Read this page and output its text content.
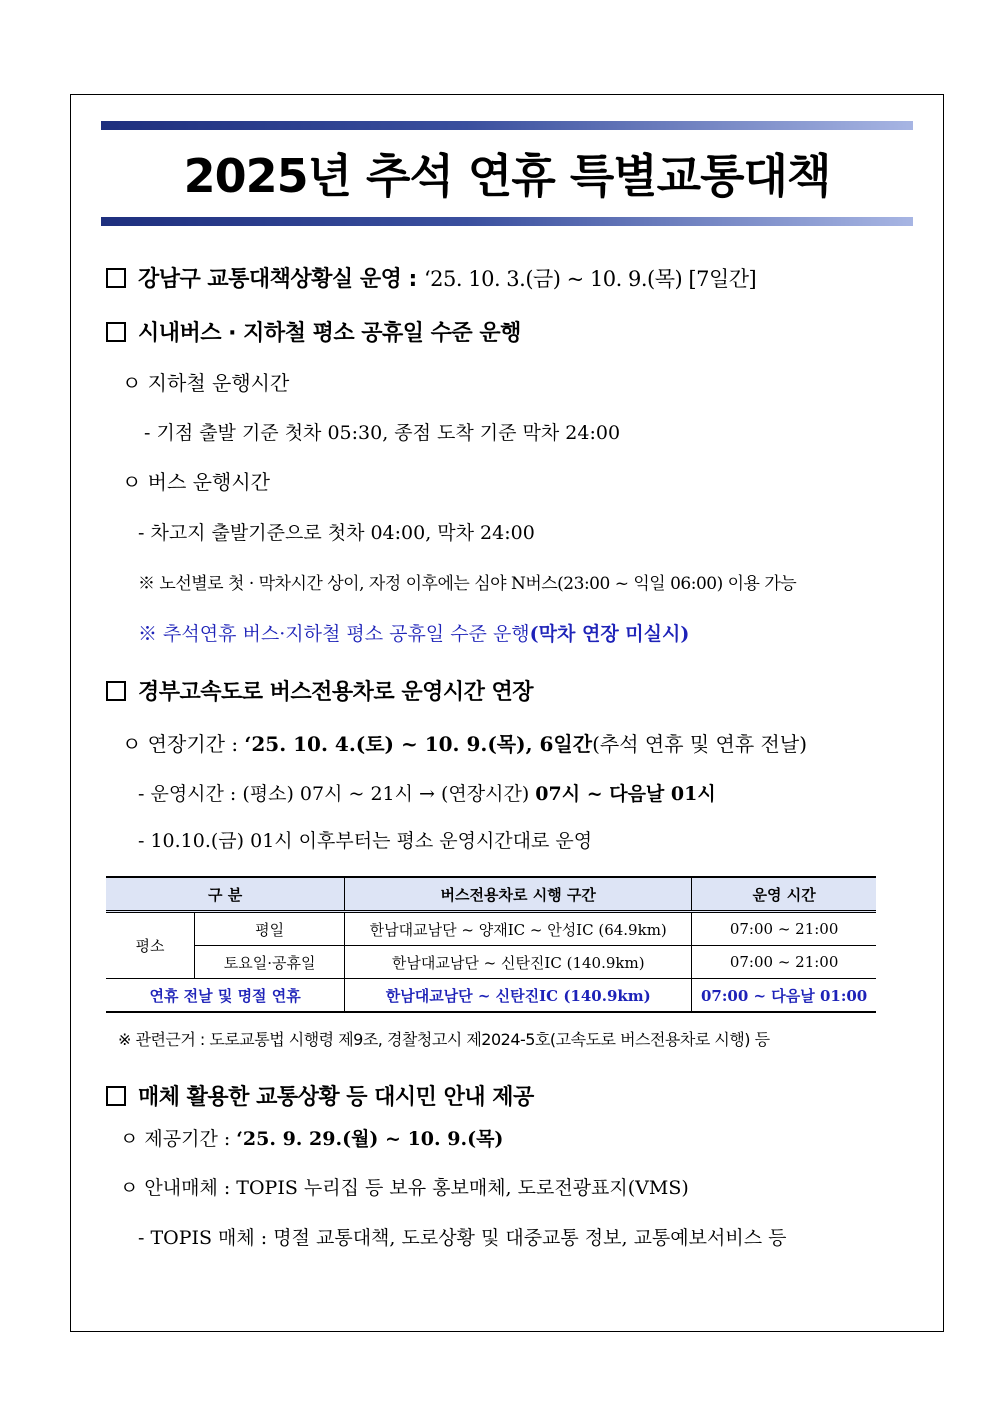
2025년 추석 연휴 특별교통대책
강남구 교통대책상황실 운영 : ‘25. 10. 3.(금) ~ 10. 9.(목) [7일간]
시내버스 · 지하철 평소 공휴일 수준 운행
ㅇ 지하철 운행시간
- 기점 출발 기준 첫차 05:30, 종점 도착 기준 막차 24:00
ㅇ 버스 운행시간
- 차고지 출발기준으로 첫차 04:00, 막차 24:00
※ 노선별로 첫 · 막차시간 상이, 자정 이후에는 심야 N버스(23:00 ~ 익일 06:00) 이용 가능
※ 추석연휴 버스·지하철 평소 공휴일 수준 운행(막차 연장 미실시)
경부고속도로 버스전용차로 운영시간 연장
ㅇ 연장기간 : ‘25. 10. 4.(토) ~ 10. 9.(목), 6일간(추석 연휴 및 연휴 전날)
- 운영시간 : (평소) 07시 ~ 21시 → (연장시간) 07시 ~ 다음날 01시
- 10.10.(금) 01시 이후부터는 평소 운영시간대로 운영
구 분		버스전용차로 시행 구간	운영 시간
평소	평일	한남대교남단 ~ 양재IC ~ 안성IC (64.9km)	07:00 ~ 21:00
	토요일·공휴일	한남대교남단 ~ 신탄진IC (140.9km)	07:00 ~ 21:00
연휴 전날 및 명절 연휴		한남대교남단 ~ 신탄진IC (140.9km)	07:00 ~ 다음날 01:00
※ 관련근거 : 도로교통법 시행령 제9조, 경찰청고시 제2024-5호(고속도로 버스전용차로 시행) 등
매체 활용한 교통상황 등 대시민 안내 제공
ㅇ 제공기간 : ‘25. 9. 29.(월) ~ 10. 9.(목)
ㅇ 안내매체 : TOPIS 누리집 등 보유 홍보매체, 도로전광표지(VMS)
- TOPIS 매체 : 명절 교통대책, 도로상황 및 대중교통 정보, 교통예보서비스 등
